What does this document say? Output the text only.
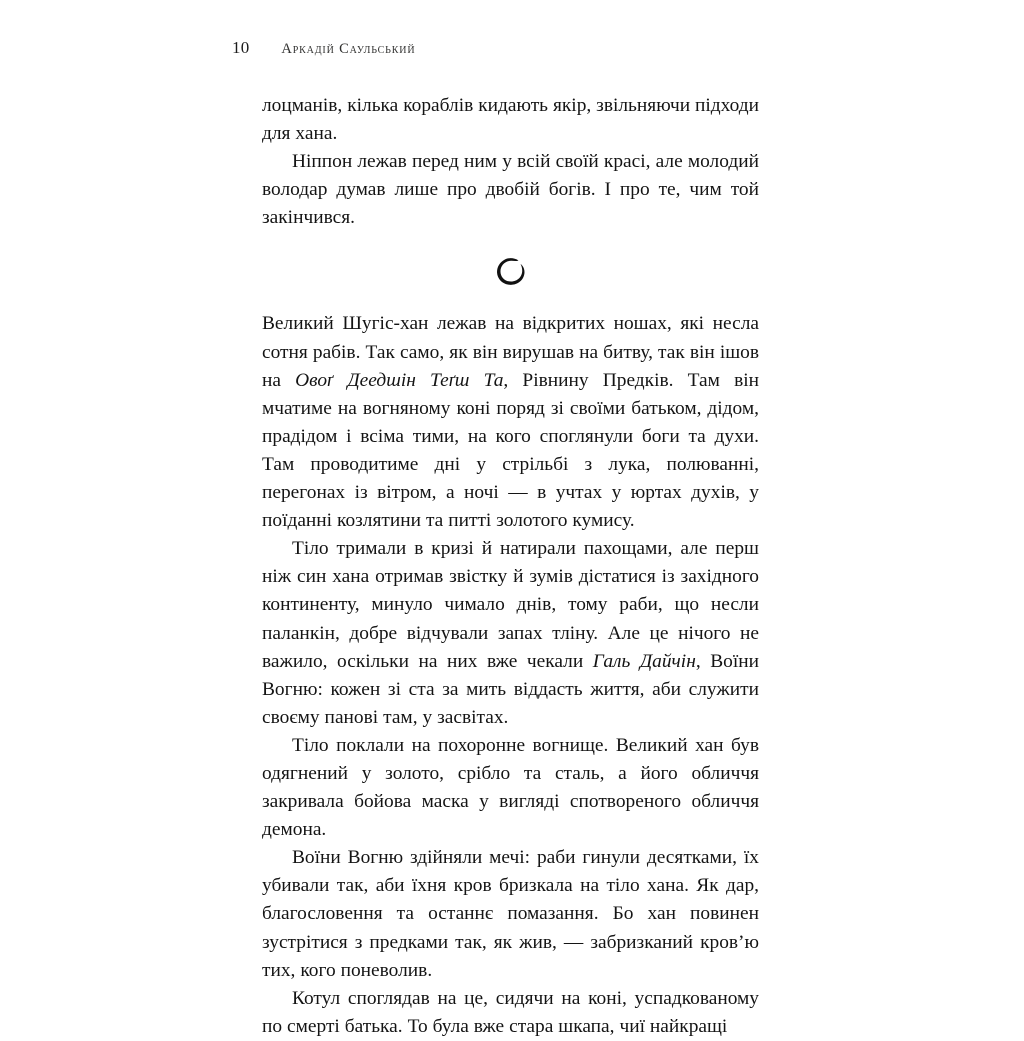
10 Аркадій Саульський

лоцманів, кілька кораблів кидають якір, звільняючи підходи для хана.

Ніппон лежав перед ним у всій своїй красі, але молодий володар думав лише про двобій богів. І про те, чим той закінчився.

Великий Шугіс-хан лежав на відкритих ношах, які несла сотня рабів. Так само, як він вирушав на битву, так він ішов на Овоґ Деедшін Теґш Та, Рівнину Предків. Там він мчатиме на вогняному коні поряд зі своїми батьком, дідом, прадідом і всіма тими, на кого споглянули боги та духи. Там проводитиме дні у стрільбі з лука, полюванні, перегонах із вітром, а ночі — в учтах у юртах духів, у поїданні козлятини та питті золотого кумису.

Тіло тримали в кризі й натирали пахощами, але перш ніж син хана отримав звістку й зумів дістатися із західного континенту, минуло чимало днів, тому раби, що несли паланкін, добре відчували запах тліну. Але це нічого не важило, оскільки на них вже чекали Галь Дайчін, Воїни Вогню: кожен зі ста за мить віддасть життя, аби служити своєму панові там, у засвітах.

Тіло поклали на похоронне вогнище. Великий хан був одягнений у золото, срібло та сталь, а його обличчя закривала бойова маска у вигляді спотвореного обличчя демона.

Воїни Вогню здійняли мечі: раби гинули десятками, їх убивали так, аби їхня кров бризкала на тіло хана. Як дар, благословення та останнє помазання. Бо хан повинен зустрітися з предками так, як жив, — забризканий кров’ю тих, кого поневолив.

Котул споглядав на це, сидячи на коні, успадкованому по смерті батька. То була вже стара шкапа, чиї найкращі
